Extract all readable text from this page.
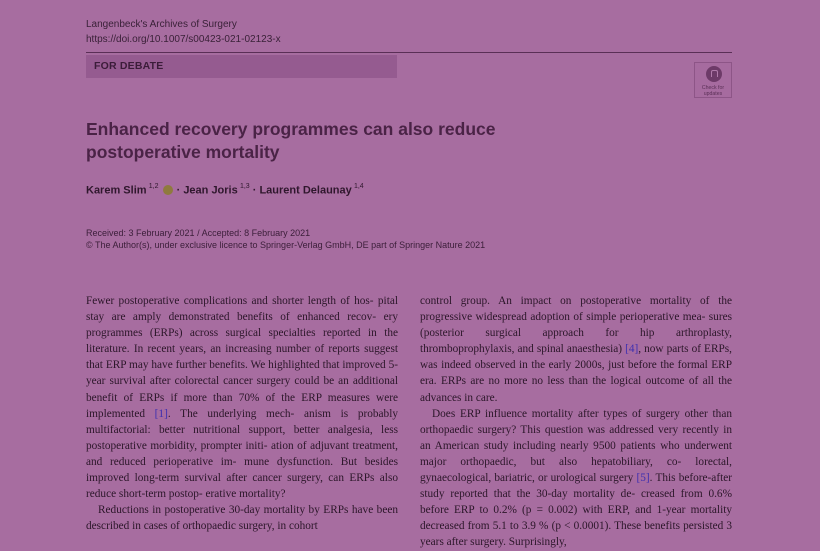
Langenbeck's Archives of Surgery
https://doi.org/10.1007/s00423-021-02123-x
FOR DEBATE
Check for
updates
Enhanced recovery programmes can also reduce
postoperative mortality
Karem Slim  $^{1,2}$  · Jean Joris  $^{1,3}$ · Laurent Delaunay  $^{1,4}$
Received: 3 February 2021 / Accepted: 8 February 2021
© The Author(s), under exclusive licence to Springer-Verlag GmbH, DE part of Springer Nature 2021

Fewer postoperative complications and shorter length of hos- pital stay are amply demonstrated benefits of enhanced recov- ery programmes (ERPs) across surgical specialties reported in the literature. In recent years, an increasing number of reports suggest that ERP may have further benefits. We highlighted that improved 5-year survival after colorectal cancer surgery could be an additional benefit of ERPs if more than 70% of the ERP measures were implemented [1]. The underlying mech- anism is probably multifactorial: better nutritional support, better analgesia, less postoperative morbidity, prompter initi- ation of adjuvant treatment, and reduced perioperative im- mune dysfunction. But besides improved long-term survival after cancer surgery, can ERPs also reduce short-term postop- erative mortality?

Reductions in postoperative 30-day mortality by ERPs have been described in cases of orthopaedic surgery, in cohort

control group. An impact on postoperative mortality of the progressive widespread adoption of simple perioperative mea- sures (posterior surgical approach for hip arthroplasty, thromboprophylaxis, and spinal anaesthesia) [4], now parts of ERPs, was indeed observed in the early 2000s, just before the formal ERP era. ERPs are no more no less than the logical outcome of all the advances in care.

Does ERP influence mortality after types of surgery other than orthopaedic surgery? This question was addressed very recently in an American study including nearly 9500 patients who underwent major orthopaedic, but also hepatobiliary, co- lorectal, gynaecological, bariatric, or urological surgery [5]. This before-after study reported that the 30-day mortality de- creased from 0.6% before ERP to 0.2% (p = 0.002) with ERP, and 1-year mortality decreased from 5.1 to 3.9 % (p < 0.0001). These benefits persisted 3 years after surgery. Surprisingly,
